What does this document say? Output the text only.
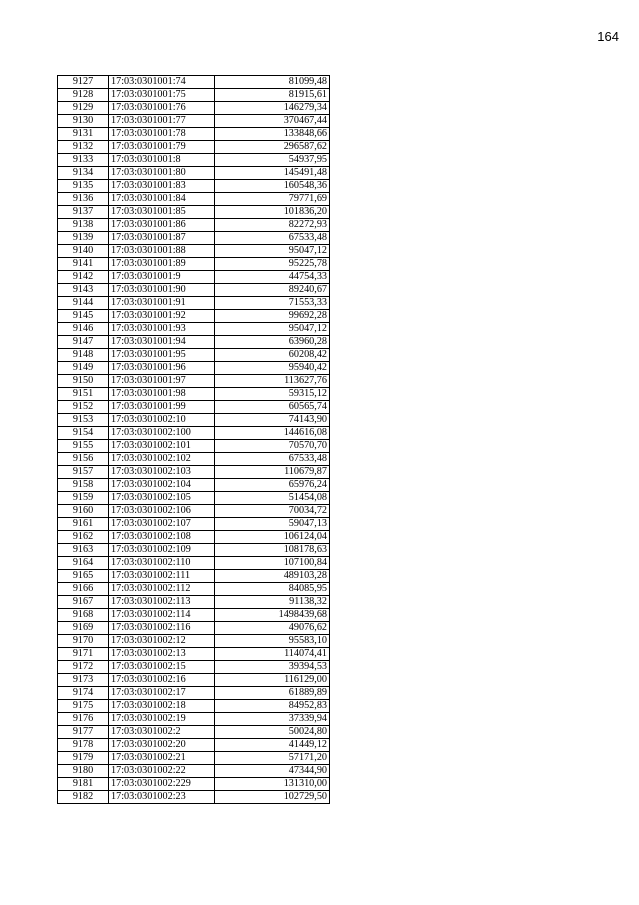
164
9127	17:03:0301001:74	81099,48
9128	17:03:0301001:75	81915,61
9129	17:03:0301001:76	146279,34
9130	17:03:0301001:77	370467,44
9131	17:03:0301001:78	133848,66
9132	17:03:0301001:79	296587,62
9133	17:03:0301001:8	54937,95
9134	17:03:0301001:80	145491,48
9135	17:03:0301001:83	160548,36
9136	17:03:0301001:84	79771,69
9137	17:03:0301001:85	101836,20
9138	17:03:0301001:86	82272,93
9139	17:03:0301001:87	67533,48
9140	17:03:0301001:88	95047,12
9141	17:03:0301001:89	95225,78
9142	17:03:0301001:9	44754,33
9143	17:03:0301001:90	89240,67
9144	17:03:0301001:91	71553,33
9145	17:03:0301001:92	99692,28
9146	17:03:0301001:93	95047,12
9147	17:03:0301001:94	63960,28
9148	17:03:0301001:95	60208,42
9149	17:03:0301001:96	95940,42
9150	17:03:0301001:97	113627,76
9151	17:03:0301001:98	59315,12
9152	17:03:0301001:99	60565,74
9153	17:03:0301002:10	74143,90
9154	17:03:0301002:100	144616,08
9155	17:03:0301002:101	70570,70
9156	17:03:0301002:102	67533,48
9157	17:03:0301002:103	110679,87
9158	17:03:0301002:104	65976,24
9159	17:03:0301002:105	51454,08
9160	17:03:0301002:106	70034,72
9161	17:03:0301002:107	59047,13
9162	17:03:0301002:108	106124,04
9163	17:03:0301002:109	108178,63
9164	17:03:0301002:110	107100,84
9165	17:03:0301002:111	489103,28
9166	17:03:0301002:112	84085,95
9167	17:03:0301002:113	91138,32
9168	17:03:0301002:114	1498439,68
9169	17:03:0301002:116	49076,62
9170	17:03:0301002:12	95583,10
9171	17:03:0301002:13	114074,41
9172	17:03:0301002:15	39394,53
9173	17:03:0301002:16	116129,00
9174	17:03:0301002:17	61889,89
9175	17:03:0301002:18	84952,83
9176	17:03:0301002:19	37339,94
9177	17:03:0301002:2	50024,80
9178	17:03:0301002:20	41449,12
9179	17:03:0301002:21	57171,20
9180	17:03:0301002:22	47344,90
9181	17:03:0301002:229	131310,00
9182	17:03:0301002:23	102729,50
